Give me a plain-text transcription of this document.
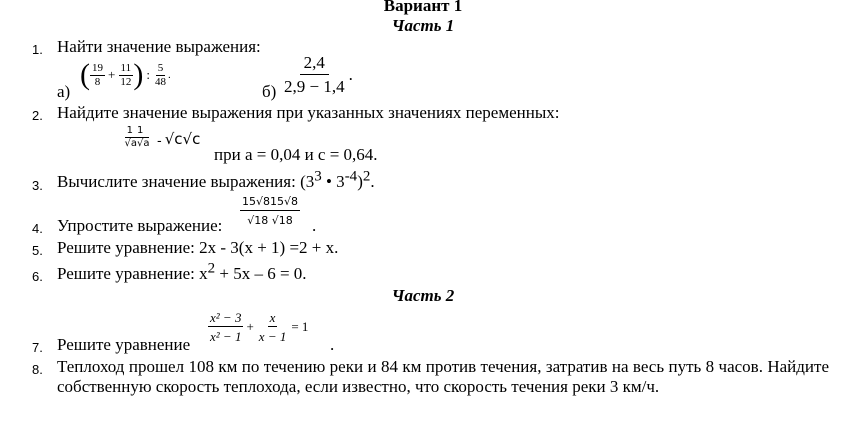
Вариант 1
Часть 1
1. Найти значение выражения:
а)
( $\frac{19}{8} + \frac{11}{12}$ ) : $\frac{5}{48}$ .
$б) \frac{2,4}{2,9 - 1,4}$ .
2. Найдите значение выражения при указанных значениях переменных:
$\frac{11}{√a√a} - √c√c$
при а = 0,04 и с = 0,64.
3. Вычислите значение выражения: (33 • 3-4)2.
4. Упростите выражение: $\frac{15√815√8}{√18 √18}$ .
5. Решите уравнение: 2х - 3(х + 1) =2 + х.
6. Решите уравнение: х2 + 5х – 6 = 0.
Часть 2
7. Решите уравнение
$\frac{\text{x² − 3}}{\text{x² − 1}} + \frac{x}{x - 1} = 1$
.
8. Теплоход прошел 108 км по течению реки и 84 км против течения, затратив на весь путь 8 часов. Найдите собственную скорость теплохода, если известно, что скорость течения реки 3 км/ч.
